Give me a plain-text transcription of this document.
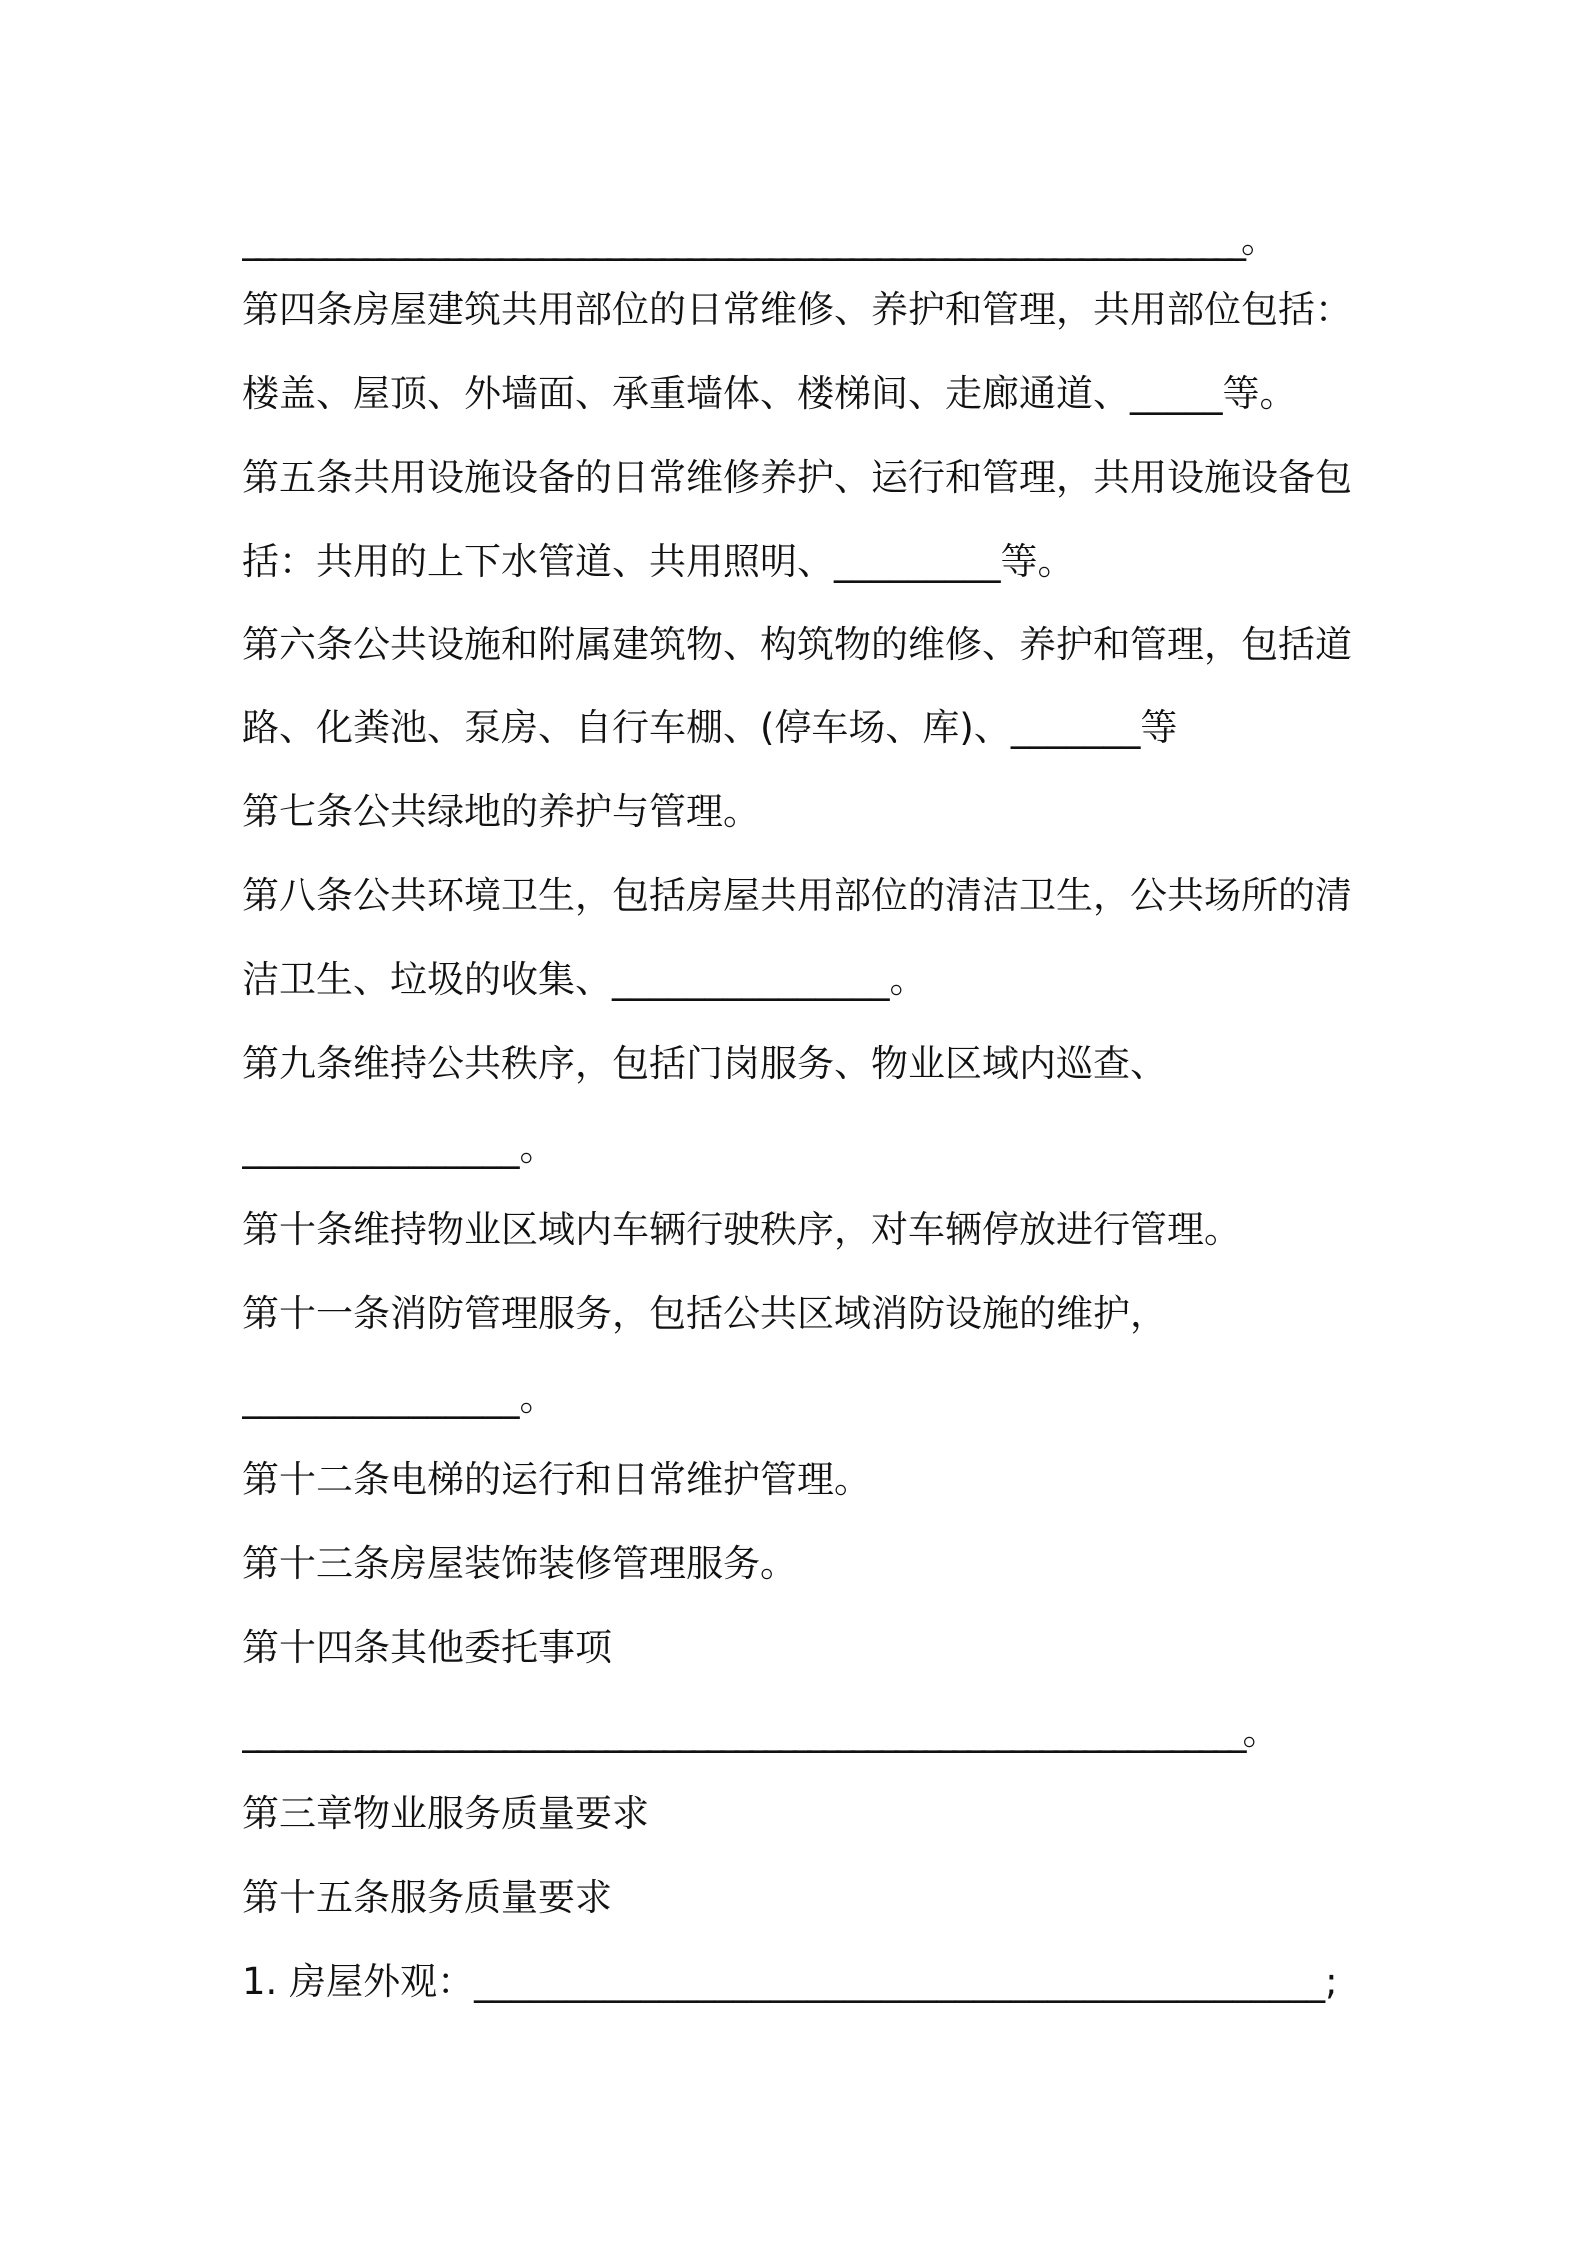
__________________________________________________________________________。
第四条房屋建筑共用部位的日常维修、养护和管理，共用部位包括：
楼盖、屋顶、外墙面、承重墙体、楼梯间、走廊通道、_____等。
第五条共用设施设备的日常维修养护、运行和管理，共用设施设备包
括：共用的上下水管道、共用照明、_________等。
第六条公共设施和附属建筑物、构筑物的维修、养护和管理，包括道
路、化粪池、泵房、自行车棚、(停车场、库)、_______等
第七条公共绿地的养护与管理。
第八条公共环境卫生，包括房屋共用部位的清洁卫生，公共场所的清
洁卫生、垃圾的收集、_______________。
第九条维持公共秩序，包括门岗服务、物业区域内巡查、
_______________。
第十条维持物业区域内车辆行驶秩序，对车辆停放进行管理。
第十一条消防管理服务，包括公共区域消防设施的维护，
_______________。
第十二条电梯的运行和日常维护管理。
第十三条房屋装饰装修管理服务。
第十四条其他委托事项
_____________________________________________________________________。
第三章物业服务质量要求
第十五条服务质量要求
1. 房屋外观：______________________________________________;
